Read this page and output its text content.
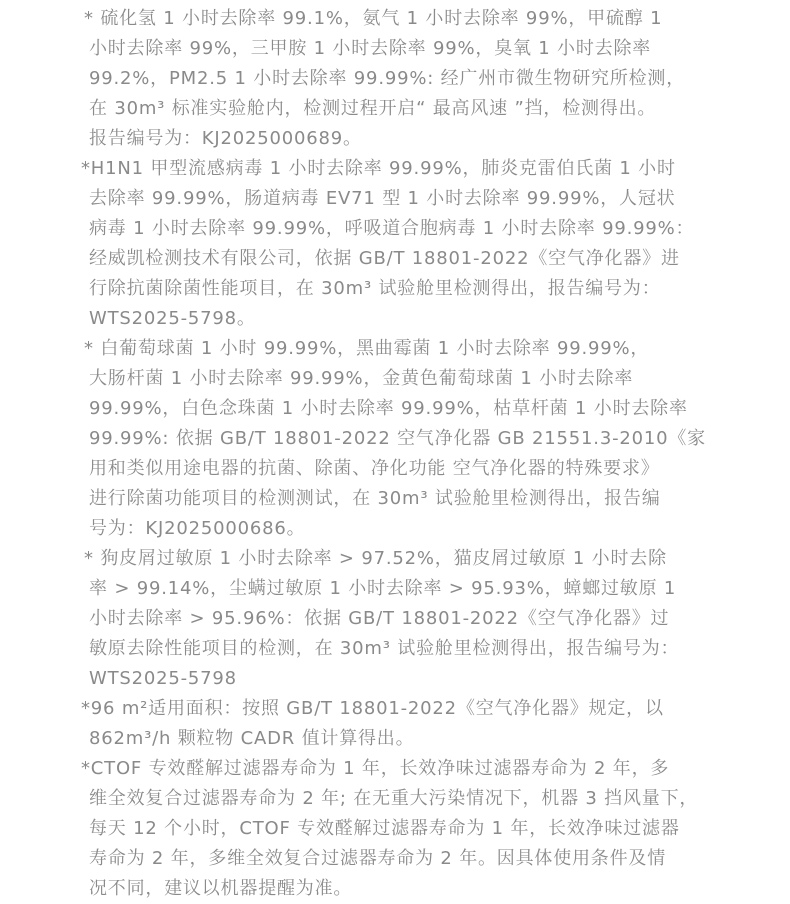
* 硫化氢 1 小时去除率 99.1%，氨气 1 小时去除率 99%，甲硫醇 1
小时去除率 99%，三甲胺 1 小时去除率 99%，臭氧 1 小时去除率
99.2%，PM2.5 1 小时去除率 99.99%: 经广州市微生物研究所检测，
在 30m³ 标准实验舱内，检测过程开启“ 最高风速 ”挡，检测得出。
报告编号为：KJ2025000689。
*H1N1 甲型流感病毒 1 小时去除率 99.99%，肺炎克雷伯氏菌 1 小时
去除率 99.99%，肠道病毒 EV71 型 1 小时去除率 99.99%，人冠状
病毒 1 小时去除率 99.99%，呼吸道合胞病毒 1 小时去除率 99.99%：
经威凯检测技术有限公司，依据 GB/T 18801-2022《空气净化器》进
行除抗菌除菌性能项目，在 30m³ 试验舱里检测得出，报告编号为：
WTS2025-5798。
* 白葡萄球菌 1 小时 99.99%，黑曲霉菌 1 小时去除率 99.99%，
大肠杆菌 1 小时去除率 99.99%，金黄色葡萄球菌 1 小时去除率
99.99%，白色念珠菌 1 小时去除率 99.99%，枯草杆菌 1 小时去除率
99.99%: 依据 GB/T 18801-2022 空气净化器 GB 21551.3-2010《家
用和类似用途电器的抗菌、除菌、净化功能 空气净化器的特殊要求》
进行除菌功能项目的检测测试，在 30m³ 试验舱里检测得出，报告编
号为：KJ2025000686。
* 狗皮屑过敏原 1 小时去除率 > 97.52%，猫皮屑过敏原 1 小时去除
率 > 99.14%，尘螨过敏原 1 小时去除率 > 95.93%，蟑螂过敏原 1
小时去除率 > 95.96%：依据 GB/T 18801-2022《空气净化器》过
敏原去除性能项目的检测，在 30m³ 试验舱里检测得出，报告编号为：
WTS2025-5798
*96 m²适用面积：按照 GB/T 18801-2022《空气净化器》规定，以
862m³/h 颗粒物 CADR 值计算得出。
*CTOF 专效醛解过滤器寿命为 1 年，长效净味过滤器寿命为 2 年，多
维全效复合过滤器寿命为 2 年; 在无重大污染情况下，机器 3 挡风量下，
每天 12 个小时，CTOF 专效醛解过滤器寿命为 1 年，长效净味过滤器
寿命为 2 年，多维全效复合过滤器寿命为 2 年。因具体使用条件及情
况不同，建议以机器提醒为准。
